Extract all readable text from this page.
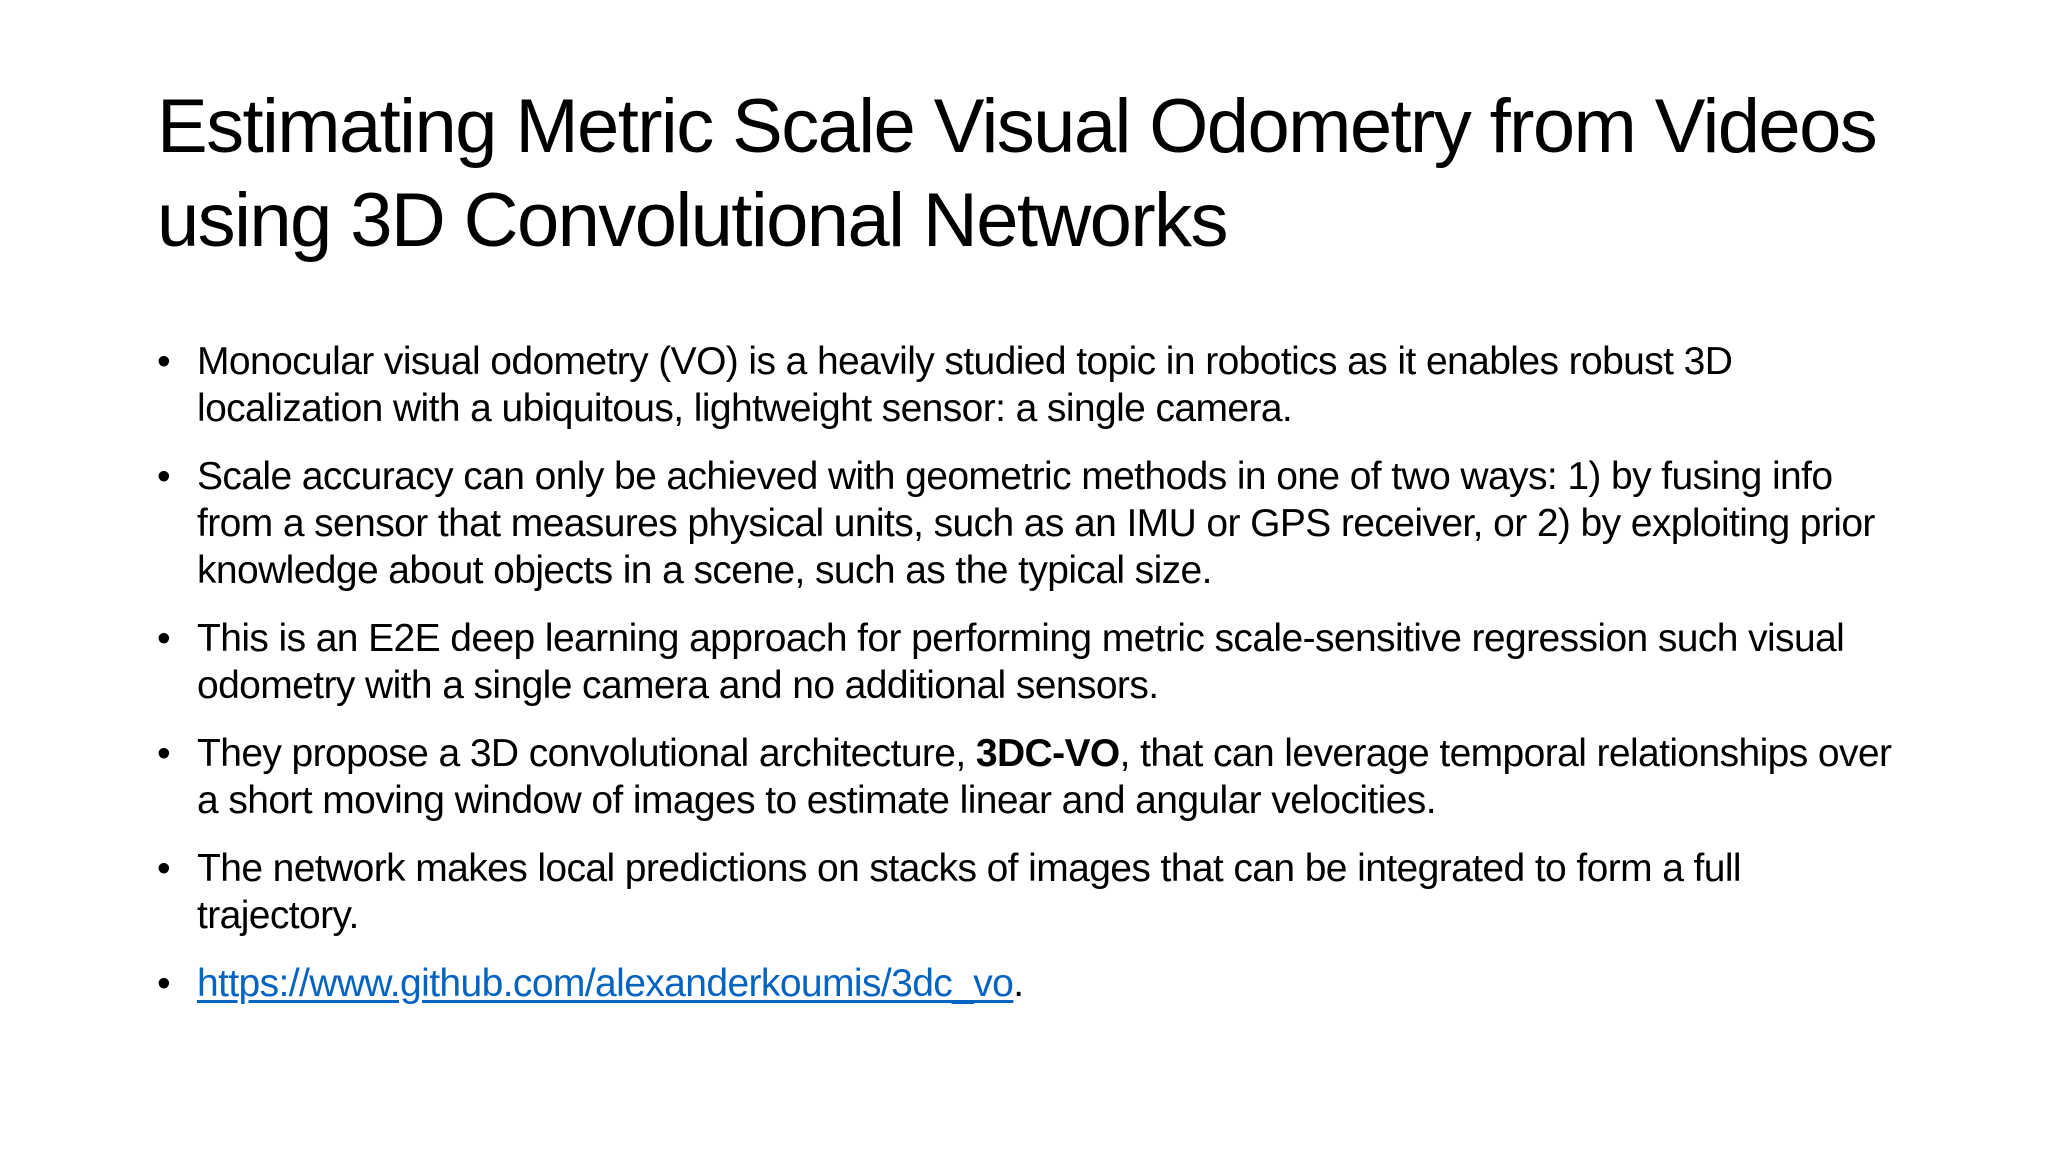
Estimating Metric Scale Visual Odometry from Videos using 3D Convolutional Networks
• Monocular visual odometry (VO) is a heavily studied topic in robotics as it enables robust 3D localization with a ubiquitous, lightweight sensor: a single camera.
• Scale accuracy can only be achieved with geometric methods in one of two ways: 1) by fusing info from a sensor that measures physical units, such as an IMU or GPS receiver, or 2) by exploiting prior knowledge about objects in a scene, such as the typical size.
• This is an E2E deep learning approach for performing metric scale-sensitive regression such visual odometry with a single camera and no additional sensors.
• They propose a 3D convolutional architecture, 3DC-VO, that can leverage temporal relationships over a short moving window of images to estimate linear and angular velocities.
• The network makes local predictions on stacks of images that can be integrated to form a full trajectory.
• https://www.github.com/alexanderkoumis/3dc_vo.
